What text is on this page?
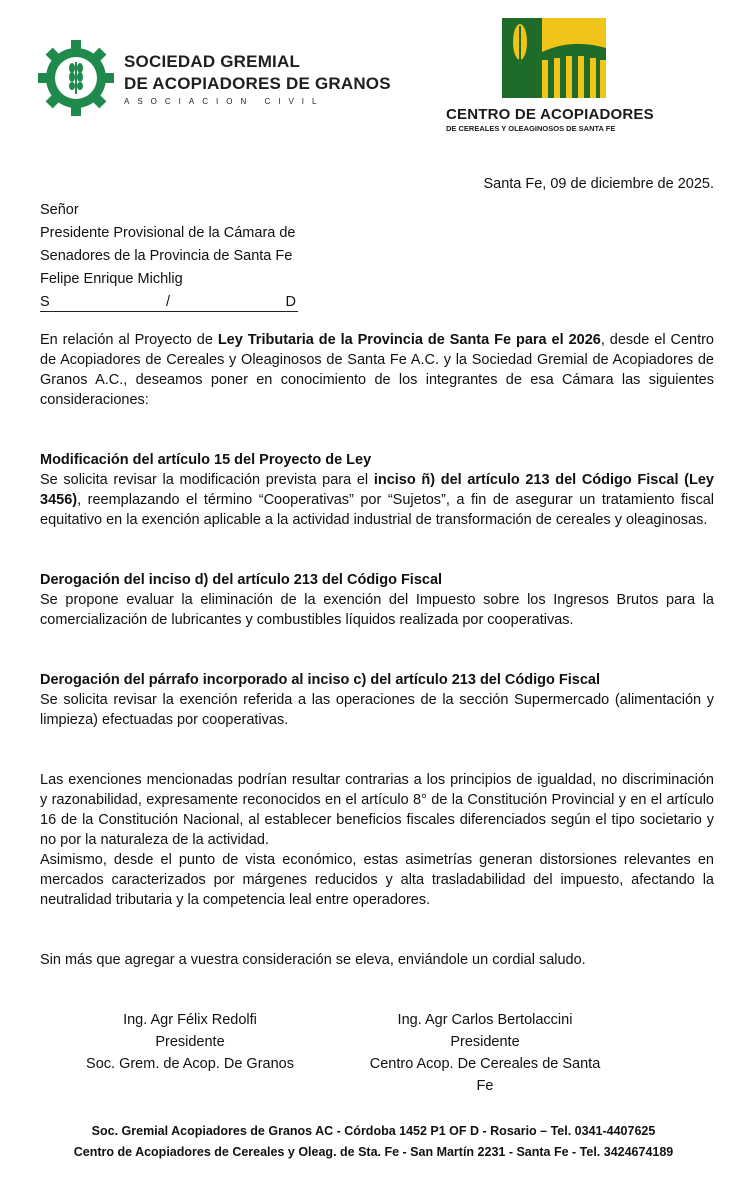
SOCIEDAD GREMIAL
DE ACOPIADORES DE GRANOS
ASOCIACION CIVIL
CENTRO DE ACOPIADORES
DE CEREALES Y OLEAGINOSOS DE SANTA FE
Santa Fe, 09 de diciembre de 2025.
Señor
Presidente Provisional de la Cámara de
Senadores de la Provincia de Santa Fe
Felipe Enrique Michlig
S	/	D

En relación al Proyecto de Ley Tributaria de la Provincia de Santa Fe para el 2026, desde el Centro de Acopiadores de Cereales y Oleaginosos de Santa Fe A.C. y la Sociedad Gremial de Acopiadores de Granos A.C., deseamos poner en conocimiento de los integrantes de esa Cámara las siguientes consideraciones:

Modificación del artículo 15 del Proyecto de Ley

Se solicita revisar la modificación prevista para el inciso ñ) del artículo 213 del Código Fiscal (Ley 3456), reemplazando el término “Cooperativas” por “Sujetos”, a fin de asegurar un tratamiento fiscal equitativo en la exención aplicable a la actividad industrial de transformación de cereales y oleaginosas.

Derogación del inciso d) del artículo 213 del Código Fiscal

Se propone evaluar la eliminación de la exención del Impuesto sobre los Ingresos Brutos para la comercialización de lubricantes y combustibles líquidos realizada por cooperativas.

Derogación del párrafo incorporado al inciso c) del artículo 213 del Código Fiscal

Se solicita revisar la exención referida a las operaciones de la sección Supermercado (alimentación y limpieza) efectuadas por cooperativas.

Las exenciones mencionadas podrían resultar contrarias a los principios de igualdad, no discriminación y razonabilidad, expresamente reconocidos en el artículo 8° de la Constitución Provincial y en el artículo 16 de la Constitución Nacional, al establecer beneficios fiscales diferenciados según el tipo societario y no por la naturaleza de la actividad.

Asimismo, desde el punto de vista económico, estas asimetrías generan distorsiones relevantes en mercados caracterizados por márgenes reducidos y alta trasladabilidad del impuesto, afectando la neutralidad tributaria y la competencia leal entre operadores.

Sin más que agregar a vuestra consideración se eleva, enviándole un cordial saludo.

Ing. Agr Félix Redolfi
Presidente
Soc. Grem. de Acop. De Granos
Ing. Agr Carlos Bertolaccini
Presidente
Centro Acop. De Cereales de Santa Fe
Soc. Gremial Acopiadores de Granos AC - Córdoba 1452 P1 OF D - Rosario – Tel. 0341-4407625
Centro de Acopiadores de Cereales y Oleag. de Sta. Fe - San Martín 2231 - Santa Fe - Tel. 3424674189
